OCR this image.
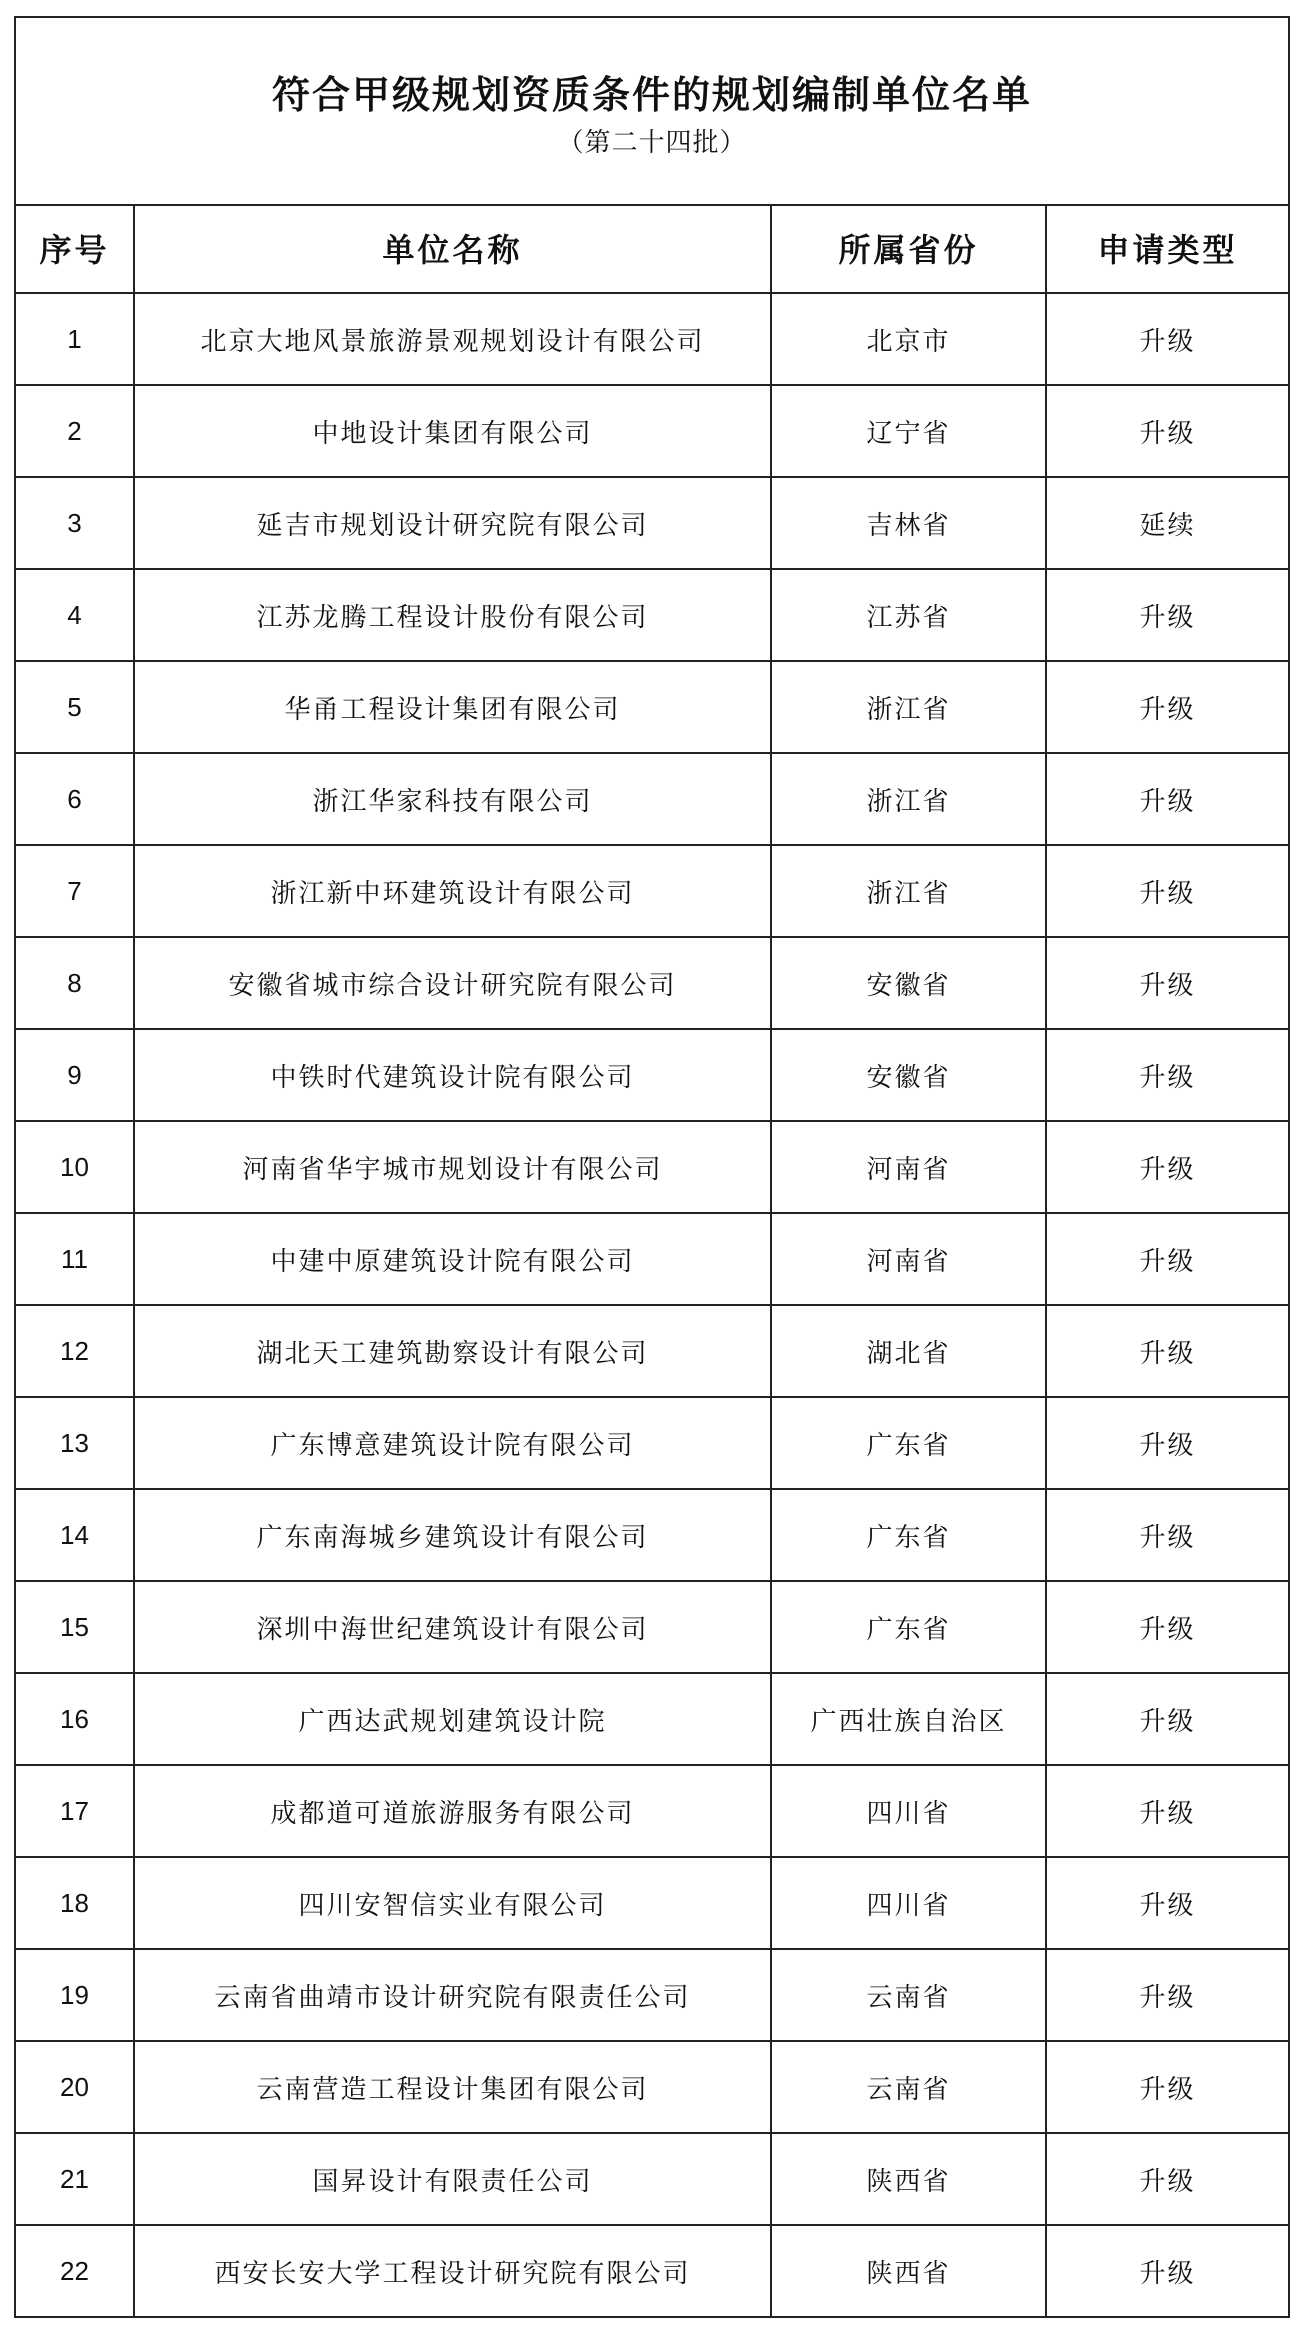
符合甲级规划资质条件的规划编制单位名单
（第二十四批）
序号	单位名称	所属省份	申请类型
1	北京大地风景旅游景观规划设计有限公司	北京市	升级
2	中地设计集团有限公司	辽宁省	升级
3	延吉市规划设计研究院有限公司	吉林省	延续
4	江苏龙腾工程设计股份有限公司	江苏省	升级
5	华甬工程设计集团有限公司	浙江省	升级
6	浙江华家科技有限公司	浙江省	升级
7	浙江新中环建筑设计有限公司	浙江省	升级
8	安徽省城市综合设计研究院有限公司	安徽省	升级
9	中铁时代建筑设计院有限公司	安徽省	升级
10	河南省华宇城市规划设计有限公司	河南省	升级
11	中建中原建筑设计院有限公司	河南省	升级
12	湖北天工建筑勘察设计有限公司	湖北省	升级
13	广东博意建筑设计院有限公司	广东省	升级
14	广东南海城乡建筑设计有限公司	广东省	升级
15	深圳中海世纪建筑设计有限公司	广东省	升级
16	广西达武规划建筑设计院	广西壮族自治区	升级
17	成都道可道旅游服务有限公司	四川省	升级
18	四川安智信实业有限公司	四川省	升级
19	云南省曲靖市设计研究院有限责任公司	云南省	升级
20	云南营造工程设计集团有限公司	云南省	升级
21	国昇设计有限责任公司	陕西省	升级
22	西安长安大学工程设计研究院有限公司	陕西省	升级
